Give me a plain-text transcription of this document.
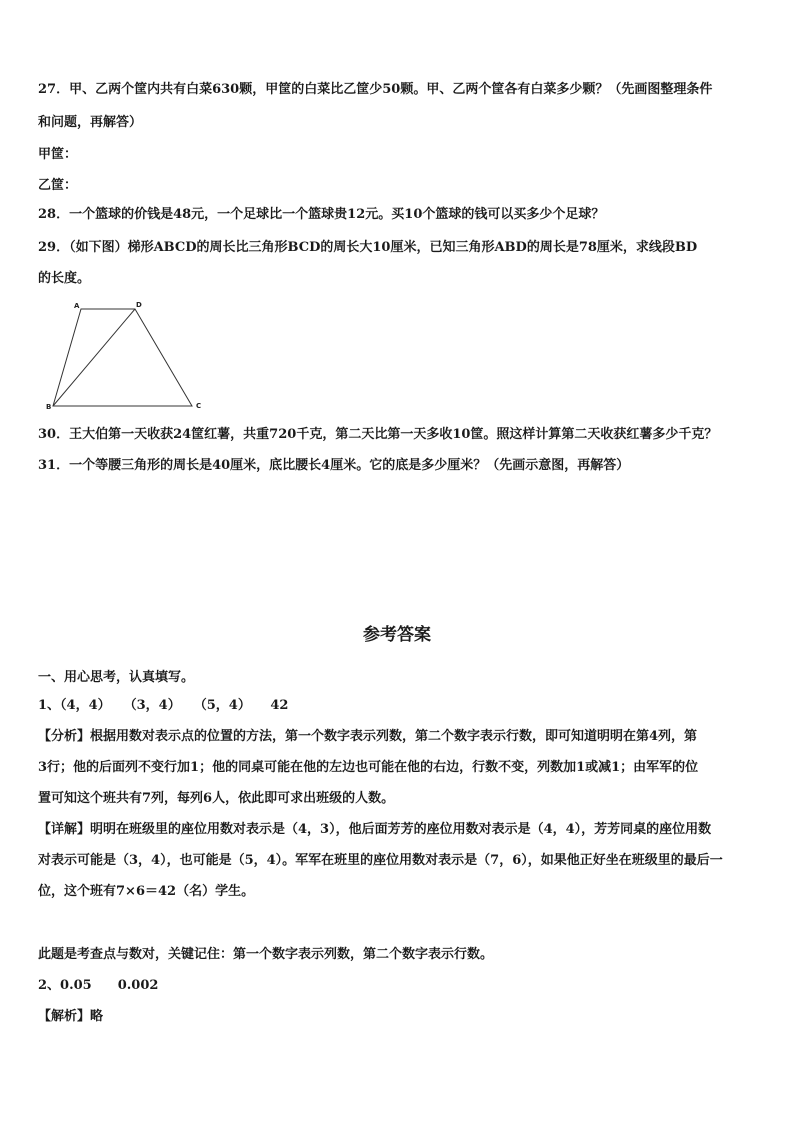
27．甲、乙两个筐内共有白菜630颗，甲筐的白菜比乙筐少50颗。甲、乙两个筐各有白菜多少颗？（先画图整理条件
和问题，再解答）
甲筐：
乙筐：
28．一个篮球的价钱是48元，一个足球比一个篮球贵12元。买10个篮球的钱可以买多少个足球？
29．（如下图）梯形ABCD的周长比三角形BCD的周长大10厘米，已知三角形ABD的周长是78厘米，求线段BD
的长度。
A	D
B	C
30．王大伯第一天收获24筐红薯，共重720千克，第二天比第一天多收10筐。照这样计算第二天收获红薯多少千克？
31．一个等腰三角形的周长是40厘米，底比腰长4厘米。它的底是多少厘米？（先画示意图，再解答）
参考答案
一、用心思考，认真填写。
1、（4，4）　　（3，4）　　（5，4）　　42
【分析】根据用数对表示点的位置的方法，第一个数字表示列数，第二个数字表示行数，即可知道明明在第4列，第
3行；他的后面列不变行加1；他的同桌可能在他的左边也可能在他的右边，行数不变，列数加1或减1；由军军的位
置可知这个班共有7列，每列6人，依此即可求出班级的人数。
【详解】明明在班级里的座位用数对表示是（4，3），他后面芳芳的座位用数对表示是（4，4），芳芳同桌的座位用数
对表示可能是（3，4），也可能是（5，4）。军军在班里的座位用数对表示是（7，6），如果他正好坐在班级里的最后一
位，这个班有7×6＝42（名）学生。
此题是考查点与数对，关键记住：第一个数字表示列数，第二个数字表示行数。
2、0.05　　0.002
【解析】略
